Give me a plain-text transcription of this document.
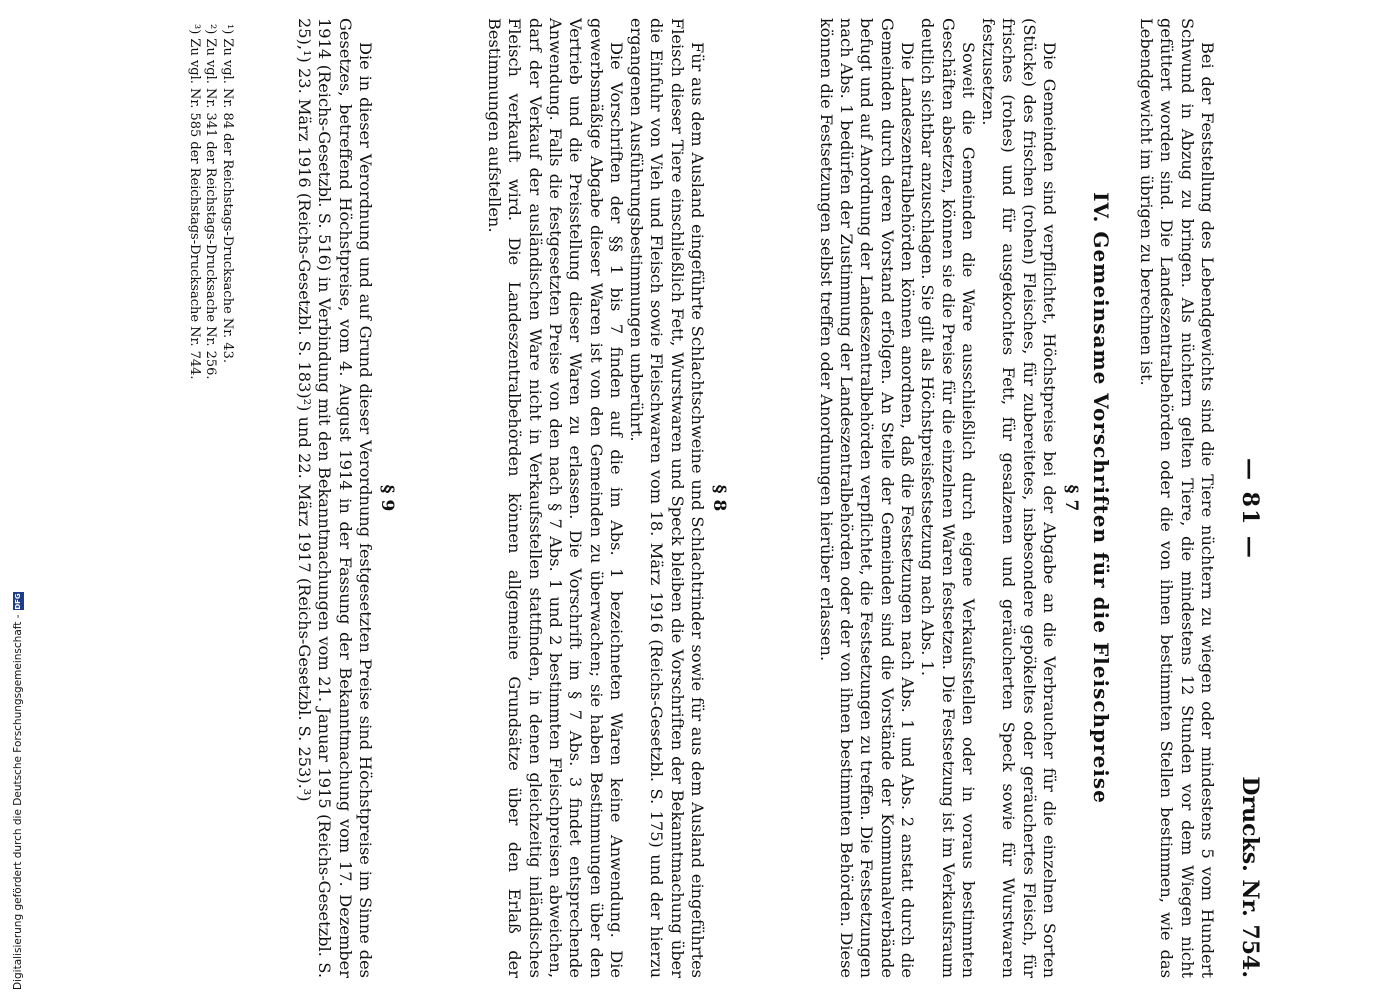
— 81 —
Drucks. Nr. 754.

Bei der Feststellung des Lebendgewichts sind die Tiere nüchtern zu wiegen oder mindestens 5 vom Hundert Schwund in Abzug zu bringen. Als nüchtern gelten Tiere, die mindestens 12 Stunden vor dem Wiegen nicht gefüttert worden sind. Die Landeszentralbehörden oder die von ihnen bestimmten Stellen bestimmen, wie das Lebendgewicht im übrigen zu berechnen ist.

IV. Gemeinsame Vorschriften für die Fleischpreise
§ 7

Die Gemeinden sind verpflichtet, Höchstpreise bei der Abgabe an die Verbraucher für die einzelnen Sorten (Stücke) des frischen (rohen) Fleisches, für zubereitetes, insbesondere gepökeltes oder geräuchertes Fleisch, für frisches (rohes) und für ausgekochtes Fett, für gesalzenen und geräucherten Speck sowie für Wurstwaren festzusetzen.

Soweit die Gemeinden die Ware ausschließlich durch eigene Verkaufsstellen oder in voraus bestimmten Geschäften absetzen, können sie die Preise für die einzelnen Waren festsetzen. Die Festsetzung ist im Verkaufsraum deutlich sichtbar anzuschlagen. Sie gilt als Höchstpreisfestsetzung nach Abs. 1.

Die Landeszentralbehörden können anordnen, daß die Festsetzungen nach Abs. 1 und Abs. 2 anstatt durch die Gemeinden durch deren Vorstand erfolgen. An Stelle der Gemeinden sind die Vorstände der Kommunalverbände befugt und auf Anordnung der Landeszentralbehörden verpflichtet, die Festsetzungen zu treffen. Die Festsetzungen nach Abs. 1 bedürfen der Zustimmung der Landeszentralbehörden oder der von ihnen bestimmten Behörden. Diese können die Festsetzungen selbst treffen oder Anordnungen hierüber erlassen.

§ 8

Für aus dem Ausland eingeführte Schlachtschweine und Schlachtrinder sowie für aus dem Ausland eingeführtes Fleisch dieser Tiere einschließlich Fett, Wurstwaren und Speck bleiben die Vorschriften der Bekanntmachung über die Einfuhr von Vieh und Fleisch sowie Fleischwaren vom 18. März 1916 (Reichs-Gesetzbl. S. 175) und der hierzu ergangenen Ausführungsbestimmungen unberührt.

Die Vorschriften der §§ 1 bis 7 finden auf die im Abs. 1 bezeichneten Waren keine Anwendung. Die gewerbsmäßige Abgabe dieser Waren ist von den Gemeinden zu überwachen; sie haben Bestimmungen über den Vertrieb und die Preisstellung dieser Waren zu erlassen. Die Vorschrift im § 7 Abs. 3 findet entsprechende Anwendung. Falls die festgesetzten Preise von den nach § 7 Abs. 1 und 2 bestimmten Fleischpreisen abweichen, darf der Verkauf der ausländischen Ware nicht in Verkaufsstellen stattfinden, in denen gleichzeitig inländisches Fleisch verkauft wird. Die Landeszentralbehörden können allgemeine Grundsätze über den Erlaß der Bestimmungen aufstellen.

§ 9

Die in dieser Verordnung und auf Grund dieser Verordnung festgesetzten Preise sind Höchstpreise im Sinne des Gesetzes, betreffend Höchstpreise, vom 4. August 1914 in der Fassung der Bekanntmachung vom 17. Dezember 1914 (Reichs-Gesetzbl. S. 516) in Verbindung mit den Bekanntmachungen vom 21. Januar 1915 (Reichs-Gesetzbl. S. 25),¹) 23. März 1916 (Reichs-Gesetzbl. S. 183)²) und 22. März 1917 (Reichs-Gesetzbl. S. 253).³)

¹) Zu vgl. Nr. 84 der Reichstags-Drucksache Nr. 43.

²) Zu vgl. Nr. 341 der Reichstags-Drucksache Nr. 256.

³) Zu vgl. Nr. 585 der Reichstags-Drucksache Nr. 744.

Digitalisierung gefördert durch die Deutsche Forschungsgemeinschaft -
DFG
